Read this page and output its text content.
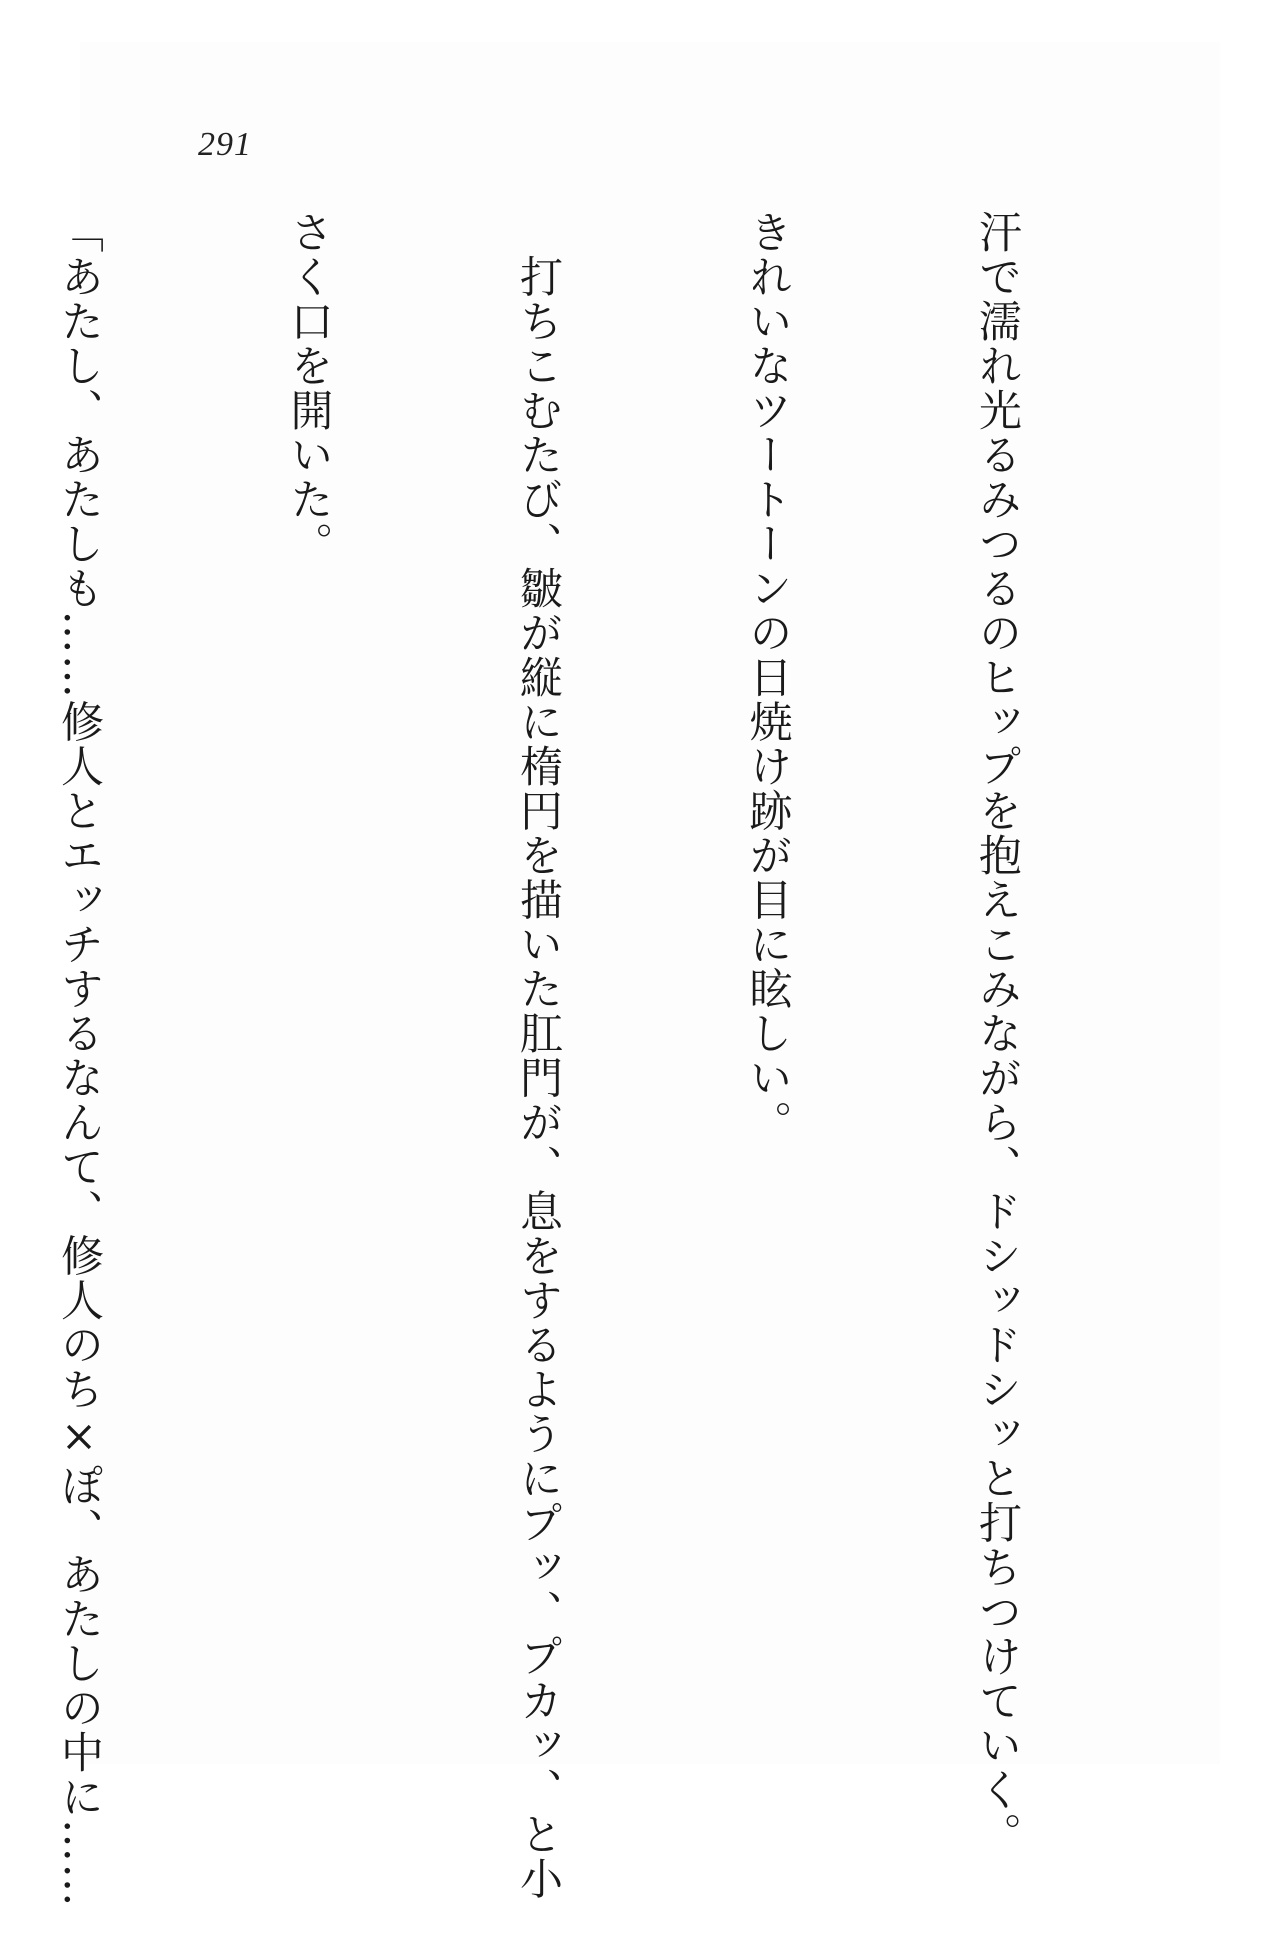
291

汗で濡れ光るみつるのヒップを抱えこみながら、ドシッドシッと打ちつけていく。

きれいなツートーンの日焼け跡が目に眩しい。

　打ちこむたび、皺が縦に楕円を描いた肛門が、息をするようにプッ、プカッ、と小

さく口を開いた。

「あたし、あたしも……修人とエッチするなんて、修人のち×ぽ、あたしの中に……
